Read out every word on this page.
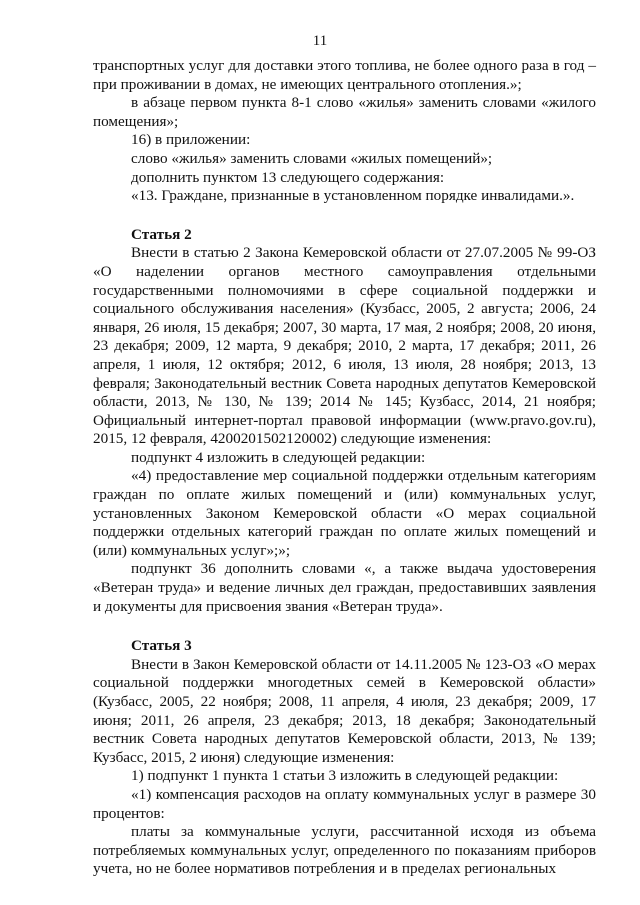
11

транспортных услуг для доставки этого топлива, не более одного раза в год – при проживании в домах, не имеющих центрального отопления.»;

в абзаце первом пункта 8-1 слово «жилья» заменить словами «жилого помещения»;

16) в приложении:

слово «жилья» заменить словами «жилых помещений»;

дополнить пунктом 13 следующего содержания:

«13. Граждане, признанные в установленном порядке инвалидами.».

Статья 2

Внести в статью 2 Закона Кемеровской области от 27.07.2005 № 99-ОЗ «О наделении органов местного самоуправления отдельными государственными полномочиями в сфере социальной поддержки и социального обслуживания населения» (Кузбасс, 2005, 2 августа; 2006, 24 января, 26 июля, 15 декабря; 2007, 30 марта, 17 мая, 2 ноября; 2008, 20 июня, 23 декабря; 2009, 12 марта, 9 декабря; 2010, 2 марта, 17 декабря; 2011, 26 апреля, 1 июля, 12 октября; 2012, 6 июля, 13 июля, 28 ноября; 2013, 13 февраля; Законодательный вестник Совета народных депутатов Кемеровской области, 2013, № 130, № 139; 2014 № 145; Кузбасс, 2014, 21 ноября; Официальный интернет-портал правовой информации (www.pravo.gov.ru), 2015, 12 февраля, 4200201502120002) следующие изменения:

подпункт 4 изложить в следующей редакции:

«4) предоставление мер социальной поддержки отдельным категориям граждан по оплате жилых помещений и (или) коммунальных услуг, установленных Законом Кемеровской области «О мерах социальной поддержки отдельных категорий граждан по оплате жилых помещений и (или) коммунальных услуг»;»;

подпункт 36 дополнить словами «, а также выдача удостоверения «Ветеран труда» и ведение личных дел граждан, предоставивших заявления и документы для присвоения звания «Ветеран труда».

Статья 3

Внести в Закон Кемеровской области от 14.11.2005 № 123-ОЗ «О мерах социальной поддержки многодетных семей в Кемеровской области» (Кузбасс, 2005, 22 ноября; 2008, 11 апреля, 4 июля, 23 декабря; 2009, 17 июня; 2011, 26 апреля, 23 декабря; 2013, 18 декабря; Законодательный вестник Совета народных депутатов Кемеровской области, 2013, № 139; Кузбасс, 2015, 2 июня) следующие изменения:

1) подпункт 1 пункта 1 статьи 3 изложить в следующей редакции:

«1) компенсация расходов на оплату коммунальных услуг в размере 30 процентов:

платы за коммунальные услуги, рассчитанной исходя из объема потребляемых коммунальных услуг, определенного по показаниям приборов учета, но не более нормативов потребления и в пределах региональных
